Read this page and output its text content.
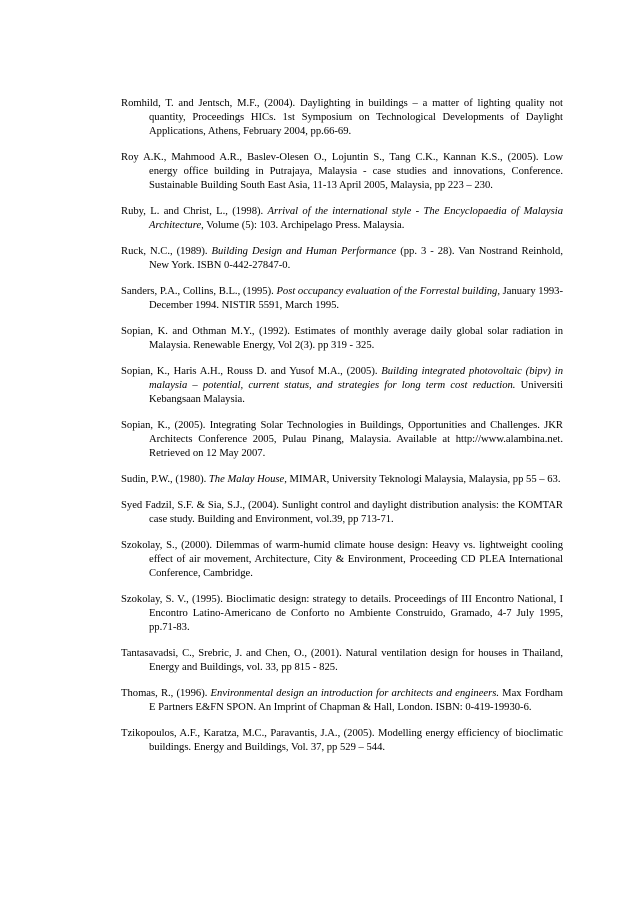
Romhild, T. and Jentsch, M.F., (2004). Daylighting in buildings – a matter of lighting quality not quantity, Proceedings HICs. 1st Symposium on Technological Developments of Daylight Applications, Athens, February 2004, pp.66-69.

Roy A.K., Mahmood A.R., Baslev-Olesen O., Lojuntin S., Tang C.K., Kannan K.S., (2005). Low energy office building in Putrajaya, Malaysia - case studies and innovations, Conference. Sustainable Building South East Asia, 11-13 April 2005, Malaysia, pp 223 – 230.

Ruby, L. and Christ, L., (1998). Arrival of the international style - The Encyclopaedia of Malaysia Architecture, Volume (5): 103. Archipelago Press. Malaysia.

Ruck, N.C., (1989). Building Design and Human Performance (pp. 3 - 28). Van Nostrand Reinhold, New York. ISBN 0-442-27847-0.

Sanders, P.A., Collins, B.L., (1995). Post occupancy evaluation of the Forrestal building, January 1993-December 1994. NISTIR 5591, March 1995.

Sopian, K. and Othman M.Y., (1992). Estimates of monthly average daily global solar radiation in Malaysia. Renewable Energy, Vol 2(3). pp 319 - 325.

Sopian, K., Haris A.H., Rouss D. and Yusof M.A., (2005). Building integrated photovoltaic (bipv) in malaysia – potential, current status, and strategies for long term cost reduction. Universiti Kebangsaan Malaysia.

Sopian, K., (2005). Integrating Solar Technologies in Buildings, Opportunities and Challenges. JKR Architects Conference 2005, Pulau Pinang, Malaysia. Available at http://www.alambina.net. Retrieved on 12 May 2007.

Sudin, P.W., (1980). The Malay House, MIMAR, University Teknologi Malaysia, Malaysia, pp 55 – 63.

Syed Fadzil, S.F. & Sia, S.J., (2004). Sunlight control and daylight distribution analysis: the KOMTAR case study. Building and Environment, vol.39, pp 713-71.

Szokolay, S., (2000). Dilemmas of warm-humid climate house design: Heavy vs. lightweight cooling effect of air movement, Architecture, City & Environment, Proceeding CD PLEA International Conference, Cambridge.

Szokolay, S. V., (1995). Bioclimatic design: strategy to details. Proceedings of III Encontro National, I Encontro Latino-Americano de Conforto no Ambiente Construido, Gramado, 4-7 July 1995, pp.71-83.

Tantasavadsi, C., Srebric, J. and Chen, O., (2001). Natural ventilation design for houses in Thailand, Energy and Buildings, vol. 33, pp 815 - 825.

Thomas, R., (1996). Environmental design an introduction for architects and engineers. Max Fordham E Partners E&FN SPON. An Imprint of Chapman & Hall, London. ISBN: 0-419-19930-6.

Tzikopoulos, A.F., Karatza, M.C., Paravantis, J.A., (2005). Modelling energy efficiency of bioclimatic buildings. Energy and Buildings, Vol. 37, pp 529 – 544.
